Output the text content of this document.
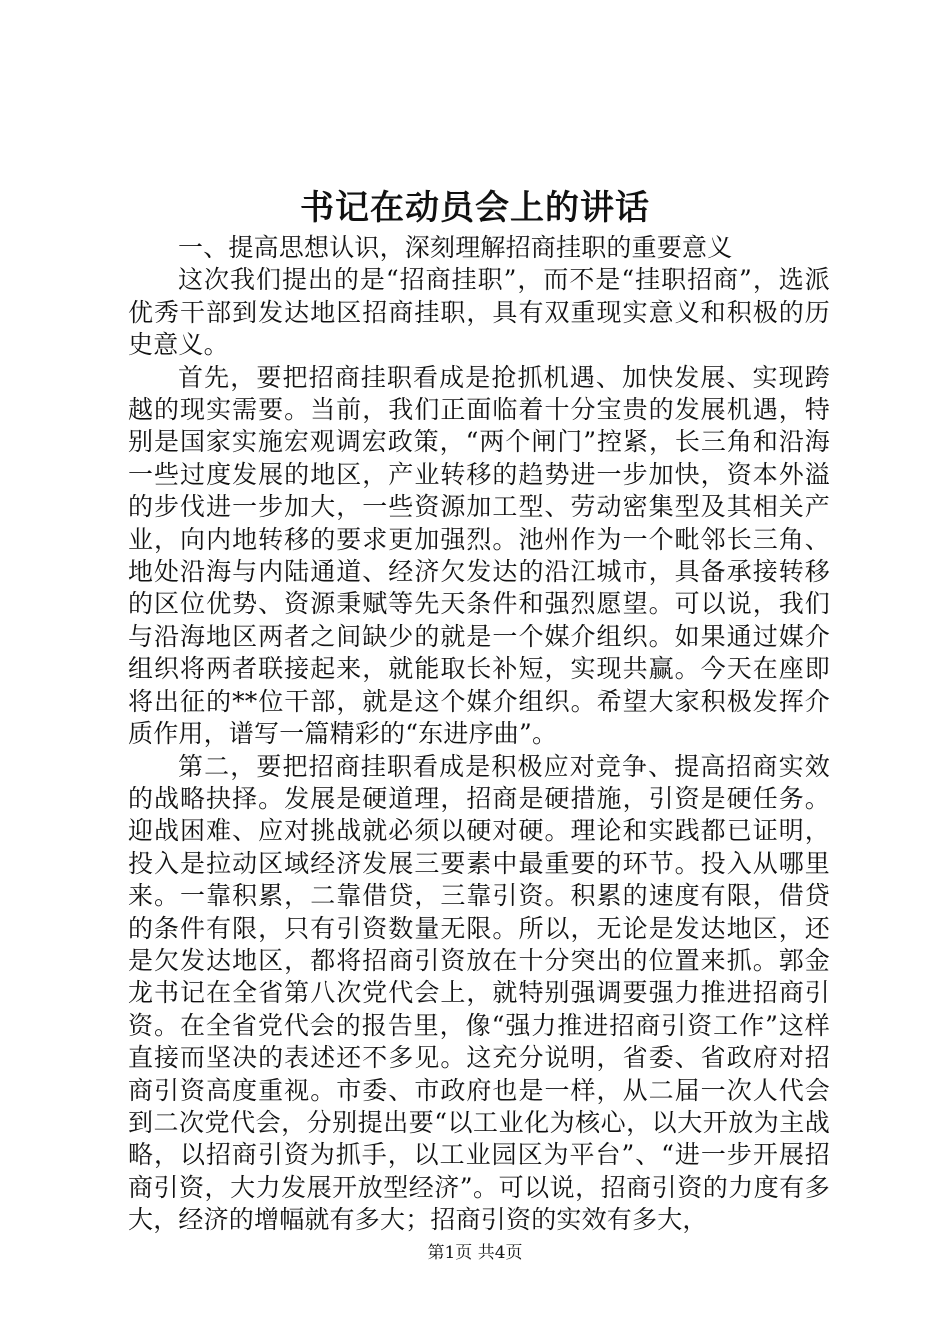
书记在动员会上的讲话

一、提高思想认识，深刻理解招商挂职的重要意义

这次我们提出的是“招商挂职”，而不是“挂职招商”，选派优秀干部到发达地区招商挂职，具有双重现实意义和积极的历史意义。

首先，要把招商挂职看成是抢抓机遇、加快发展、实现跨越的现实需要。当前，我们正面临着十分宝贵的发展机遇，特别是国家实施宏观调宏政策，“两个闸门”控紧，长三角和沿海一些过度发展的地区，产业转移的趋势进一步加快，资本外溢的步伐进一步加大，一些资源加工型、劳动密集型及其相关产业，向内地转移的要求更加强烈。池州作为一个毗邻长三角、地处沿海与内陆通道、经济欠发达的沿江城市，具备承接转移的区位优势、资源秉赋等先天条件和强烈愿望。可以说，我们与沿海地区两者之间缺少的就是一个媒介组织。如果通过媒介组织将两者联接起来，就能取长补短，实现共赢。今天在座即将出征的**位干部，就是这个媒介组织。希望大家积极发挥介质作用，谱写一篇精彩的“东进序曲”。

第二，要把招商挂职看成是积极应对竞争、提高招商实效的战略抉择。发展是硬道理，招商是硬措施，引资是硬任务。迎战困难、应对挑战就必须以硬对硬。理论和实践都已证明，投入是拉动区域经济发展三要素中最重要的环节。投入从哪里来。一靠积累，二靠借贷，三靠引资。积累的速度有限，借贷的条件有限，只有引资数量无限。所以，无论是发达地区，还是欠发达地区，都将招商引资放在十分突出的位置来抓。郭金龙书记在全省第八次党代会上，就特别强调要强力推进招商引资。在全省党代会的报告里，像“强力推进招商引资工作”这样直接而坚决的表述还不多见。这充分说明，省委、省政府对招商引资高度重视。市委、市政府也是一样，从二届一次人代会到二次党代会，分别提出要“以工业化为核心，以大开放为主战略，以招商引资为抓手，以工业园区为平台”、“进一步开展招商引资，大力发展开放型经济”。可以说，招商引资的力度有多大，经济的增幅就有多大；招商引资的实效有多大，

第1页 共4页
